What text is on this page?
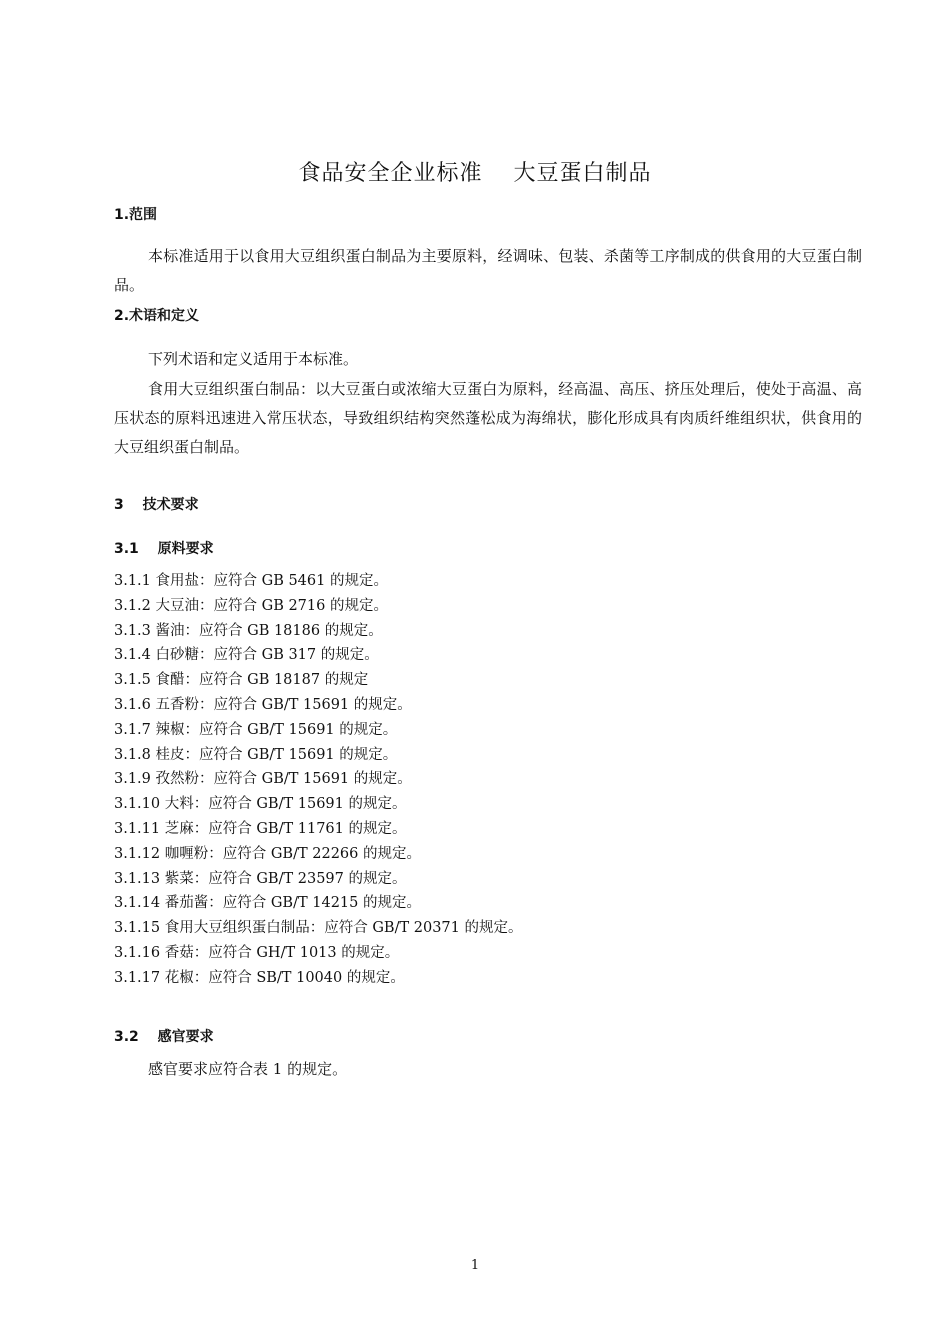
食品安全企业标准　 大豆蛋白制品
1.范围
本标准适用于以食用大豆组织蛋白制品为主要原料，经调味、包装、杀菌等工序制成的供食用的大豆蛋白制品。
2.术语和定义
下列术语和定义适用于本标准。
食用大豆组织蛋白制品：以大豆蛋白或浓缩大豆蛋白为原料，经高温、高压、挤压处理后，使处于高温、高压状态的原料迅速进入常压状态，导致组织结构突然蓬松成为海绵状，膨化形成具有肉质纤维组织状，供食用的大豆组织蛋白制品。
3　 技术要求
3.1　 原料要求
3.1.1 食用盐：应符合 GB 5461 的规定。
3.1.2 大豆油：应符合 GB 2716 的规定。
3.1.3 酱油：应符合 GB 18186 的规定。
3.1.4 白砂糖：应符合 GB 317 的规定。
3.1.5 食醋：应符合 GB 18187 的规定
3.1.6 五香粉：应符合 GB/T 15691 的规定。
3.1.7 辣椒：应符合 GB/T 15691 的规定。
3.1.8 桂皮：应符合 GB/T 15691 的规定。
3.1.9 孜然粉：应符合 GB/T 15691 的规定。
3.1.10 大料：应符合 GB/T 15691 的规定。
3.1.11 芝麻：应符合 GB/T 11761 的规定。
3.1.12 咖喱粉：应符合 GB/T 22266 的规定。
3.1.13 紫菜：应符合 GB/T 23597 的规定。
3.1.14 番茄酱：应符合 GB/T 14215 的规定。
3.1.15 食用大豆组织蛋白制品：应符合 GB/T 20371 的规定。
3.1.16 香菇：应符合 GH/T 1013 的规定。
3.1.17 花椒：应符合 SB/T 10040 的规定。
3.2　 感官要求
感官要求应符合表 1 的规定。
1
